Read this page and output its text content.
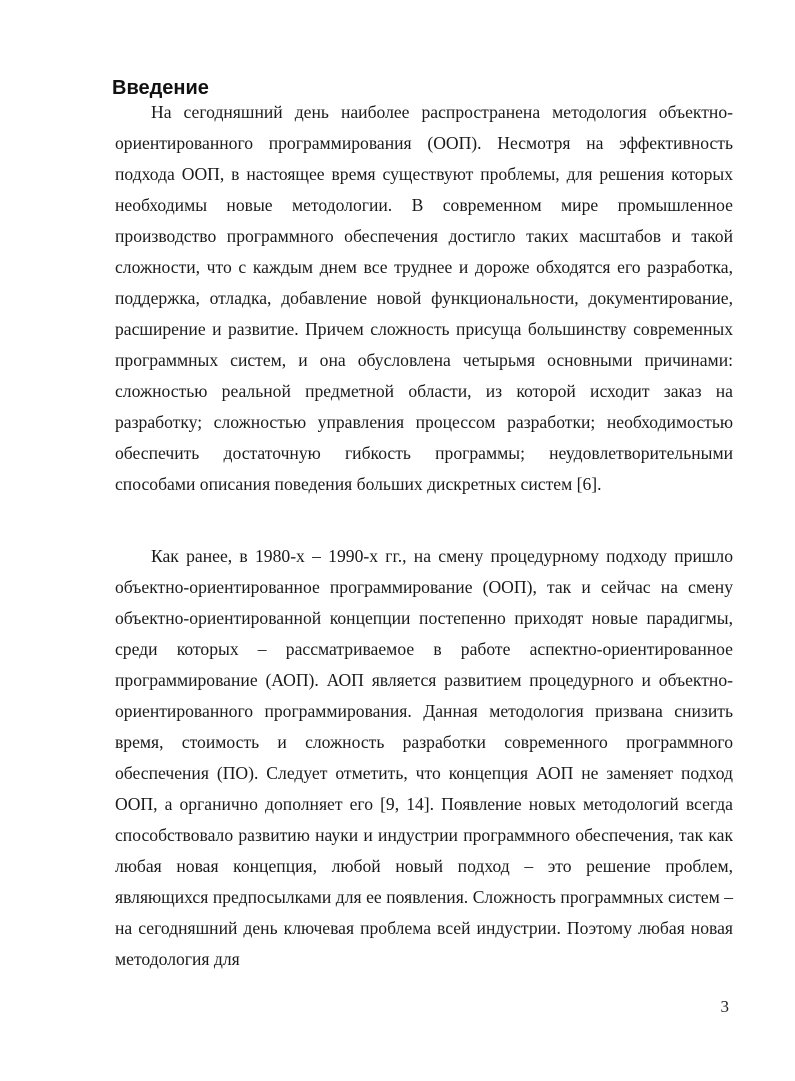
Введение

На сегодняшний день наиболее распространена методология объектно-ориентированного программирования (ООП). Несмотря на эффективность подхода ООП, в настоящее время существуют проблемы, для решения которых необходимы новые методологии. В современном мире промышленное производство программного обеспечения достигло таких масштабов и такой сложности, что с каждым днем все труднее и дороже обходятся его разработка, поддержка, отладка, добавление новой функциональности, документирование, расширение и развитие. Причем сложность присуща большинству современных программных систем, и она обусловлена четырьмя основными причинами: сложностью реальной предметной области, из которой исходит заказ на разработку; сложностью управления процессом разработки; необходимостью обеспечить достаточную гибкость программы; неудовлетворительными способами описания поведения больших дискретных систем [6].

Как ранее, в 1980-х – 1990-х гг., на смену процедурному подходу пришло объектно-ориентированное программирование (ООП), так и сейчас на смену объектно-ориентированной концепции постепенно приходят новые парадигмы, среди которых – рассматриваемое в работе аспектно-ориентированное программирование (АОП). АОП является развитием процедурного и объектно-ориентированного программирования. Данная методология призвана снизить время, стоимость и сложность разработки современного программного обеспечения (ПО). Следует отметить, что концепция АОП не заменяет подход ООП, а органично дополняет его [9, 14]. Появление новых методологий всегда способствовало развитию науки и индустрии программного обеспечения, так как любая новая концепция, любой новый подход – это решение проблем, являющихся предпосылками для ее появления. Сложность программных систем – на сегодняшний день ключевая проблема всей индустрии. Поэтому любая новая методология для

3
